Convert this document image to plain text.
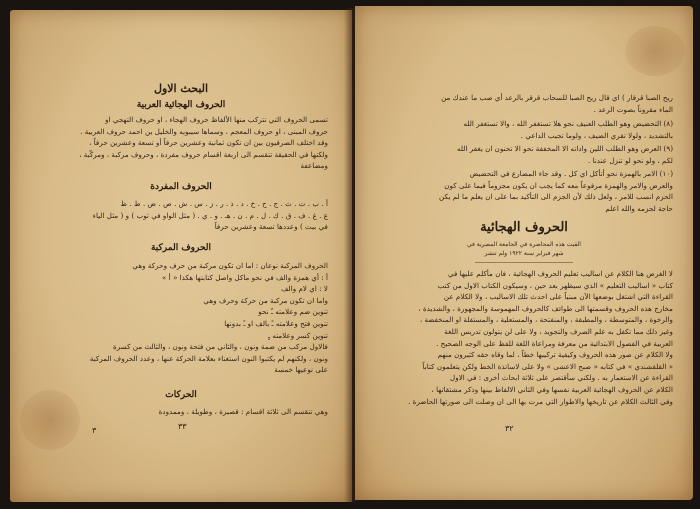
البحث الاول
الحروف الهجائية العربية
تسمى الحروف التي تتركب منها الألفاظ حروف الهجاء ، او حروف التهجي او
حروف المبنى ، او حروف المعجم ، وسماها سيبويه والخليل بن احمد حروف العربية .
وقد اختلف الصرفيون بين ان تكون ثمانية وعشرين حرفاً أو تسعة وعشرين حرفاً ،
ولكنها في الحقيقة تنقسم الى اربعة اقسام حروف مفردة ، وحروف مركبة ، ومركّبة ،
ومضاعفة
الحروف المفردة
أ . ب . ت . ث . ج . ح . خ . د . ذ . ر . ز . س . ش . ص . ض . ط . ظ
ع . غ . ف . ق . ك . ل . م . ن . هـ . و . ي . ( مثل الواو في ثوب ) و ( مثل الياء
في بيت ) وعددها تسعة وعشرين حرفاً
الحروف المركبة
الحروف المركبة نوعان : اما ان تكون مركبة من حرف وحركة وهي
أ : أي همزة والف في نحو ماكل واصل كتابتها هكذا « أ »
لا : اي لام والف
واما ان تكون مركبة من حركة وحرف وهي
تنوين ضم وعلامته ـٌ نحو
تنوين فتح وعلامته ـً بالف او ـً بدونها
تنوين كسر وعلامته ـٍ
فالاول مركب من ضمة ونون ، والثاني من فتحة ونون ، والثالث من كسرة
ونون ، ولكنهم لم يكتبوا النون استغناء بعلامة الحركة عنها ، وعدد الحروف المركبة
على نوعيها خمسة
الحركات
وهي تنقسم الى ثلاثة اقسام : قصيرة ، وطويلة ، وممدودة
٣٣
٣
ريح الصبا قرقار ) اي قال ريح الصبا للسحاب قرقر بالرعد أي صب ما عندك من
الماء مقروناً بصوت الرعد .
(٨) التحضيض وهو الطلب العنيف نحو هلا تستغفر الله ، والا تستغفر الله
بالتشديد ، ولولا تقري الضيف ، ولوما تجيب الداعي .
(٩) العرض وهو الطلب اللين واداته الا المخففة نحو الا تحنون ان يغفر الله
لكم ، ولو نحو لو تنزل عندنا .
(١٠) الامر بالهمزة نحو أتأكل اي كل . وقد جاء المضارع في التحضيض
والعرض والامر والهمزة مرفوعاً معه كما يجب ان يكون مجزوماً فيما على كون
الحزم انسب للامر ، ولعل ذلك لأن الجزم الى التأكيد بما على ان يعلم ما لم يكن
حاجة لجزمه والله اعلم
الحروف الهجائية
القيت هذه المحاضرة في الجامعة المصرية في
شهر فبراير سنة ١٩٢٢ ولم تنشر
لا الغرض هنا الكلام عن اساليب تعليم الحروف الهجائية ، فان مأكلم عليها في
كتاب « اساليب التعليم » الذي سيظهر بعد حين ، وسيكون الكتاب الاول من كتب
القراءة التي اشتغل بوضعها الآن مبنياً على احدث تلك الاساليب ، ولا الكلام عن
مخارج هذه الحروف وقسمتها الى طوائف كالحروف المهموسة والمجهورة ، والشديدة ،
والرخوة ، والمتوسطة ، والمطبقة ، والمنفتحة ، والمستعلية ، والمستفلة او المنخفضة ،
وغير ذلك مما تكفل به علم الصرف والتجويد ، ولا على لن يتولون تدريس اللغة
العربية في الفصول الابتدائية من معرفة ومراعاة اللغة للفظ على الوجه الصحيح .
ولا الكلام عن صور هذه الحروف وكيفية تركيبها خطاً ، لما وقاه حقه كثيرون منهم
« القلقشندي » في كتابه « صبح الاعشى » ولا على لاساتذة الخط ولكن يتعلمون كتاباً
القراءة عن الاستعمار به . ولكني سأقتصر على ثلاثة ابحاث أخرى : في الاول
الكلام عن الحروف الهجائية العربية نفسها وفي الثاني الالفاظ بينها وذكر مشتقاتها ،
وفي الثالث الكلام عن تاريخها والاطوار التي مرت بها الى ان وصلت الى صورتها الحاضرة .
٣٢
